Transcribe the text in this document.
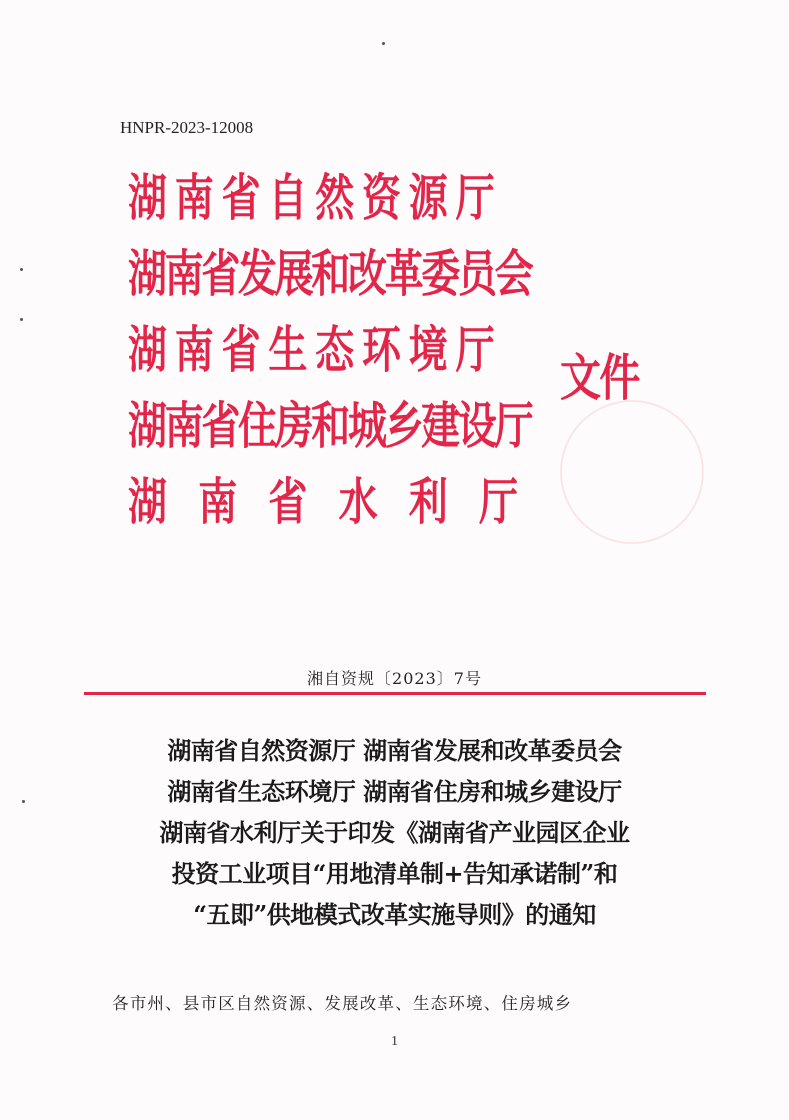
HNPR-2023-12008
湖南省自然资源厅
湖南省发展和改革委员会
湖南省生态环境厅
湖南省住房和城乡建设厅
湖南省水利厅
文件
湘自资规〔2023〕7号
湖南省自然资源厅 湖南省发展和改革委员会
湖南省生态环境厅 湖南省住房和城乡建设厅
湖南省水利厅关于印发《湖南省产业园区企业
投资工业项目“用地清单制+告知承诺制”和
“五即”供地模式改革实施导则》的通知
各市州、县市区自然资源、发展改革、生态环境、住房城乡
1
